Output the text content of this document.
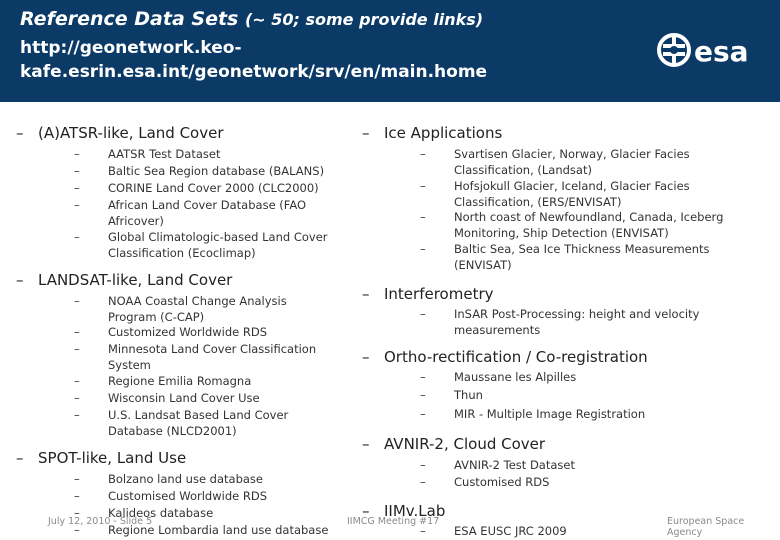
Reference Data Sets (~ 50; some provide links)
http://geonetwork.keo-
kafe.esrin.esa.int/geonetwork/srv/en/main.home
esa
– (A)ATSR-like, Land Cover
– AATSR Test Dataset
– Baltic Sea Region database (BALANS)
– CORINE Land Cover 2000 (CLC2000)
– African Land Cover Database (FAO Africover)
– Global Climatologic-based Land Cover Classification (Ecoclimap)
– LANDSAT-like, Land Cover
– NOAA Coastal Change Analysis Program (C-CAP)
– Customized Worldwide RDS
– Minnesota Land Cover Classification System
– Regione Emilia Romagna
– Wisconsin Land Cover Use
– U.S. Landsat Based Land Cover Database (NLCD2001)
– SPOT-like, Land Use
– Bolzano land use database
– Customised Worldwide RDS
– Kalideos database
– Regione Lombardia land use database
– Ice Applications
– Svartisen Glacier, Norway, Glacier Facies Classification, (Landsat)
– Hofsjokull Glacier, Iceland, Glacier Facies Classification, (ERS/ENVISAT)
– North coast of Newfoundland, Canada, Iceberg Monitoring, Ship Detection (ENVISAT)
– Baltic Sea, Sea Ice Thickness Measurements (ENVISAT)
– Interferometry
– InSAR Post-Processing: height and velocity measurements
– Ortho-rectification / Co-registration
– Maussane les Alpilles
– Thun
– MIR - Multiple Image Registration
– AVNIR-2, Cloud Cover
– AVNIR-2 Test Dataset
– Customised RDS
– IIMv.Lab
– ESA EUSC JRC 2009
July 12, 2010 - Slide 5	IIMCG Meeting #17	European Space Agency
